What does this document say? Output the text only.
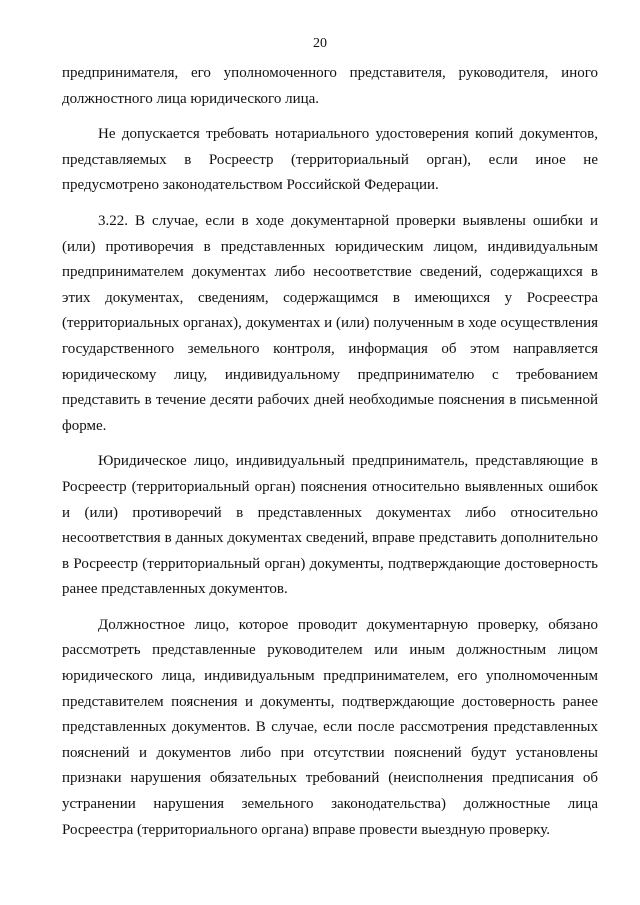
20

предпринимателя, его уполномоченного представителя, руководителя, иного должностного лица юридического лица.

Не допускается требовать нотариального удостоверения копий документов, представляемых в Росреестр (территориальный орган), если иное не предусмотрено законодательством Российской Федерации.

3.22. В случае, если в ходе документарной проверки выявлены ошибки и (или) противоречия в представленных юридическим лицом, индивидуальным предпринимателем документах либо несоответствие сведений, содержащихся в этих документах, сведениям, содержащимся в имеющихся у Росреестра (территориальных органах), документах и (или) полученным в ходе осуществления государственного земельного контроля, информация об этом направляется юридическому лицу, индивидуальному предпринимателю с требованием представить в течение десяти рабочих дней необходимые пояснения в письменной форме.

Юридическое лицо, индивидуальный предприниматель, представляющие в Росреестр (территориальный орган) пояснения относительно выявленных ошибок и (или) противоречий в представленных документах либо относительно несоответствия в данных документах сведений, вправе представить дополнительно в Росреестр (территориальный орган) документы, подтверждающие достоверность ранее представленных документов.

Должностное лицо, которое проводит документарную проверку, обязано рассмотреть представленные руководителем или иным должностным лицом юридического лица, индивидуальным предпринимателем, его уполномоченным представителем пояснения и документы, подтверждающие достоверность ранее представленных документов. В случае, если после рассмотрения представленных пояснений и документов либо при отсутствии пояснений будут установлены признаки нарушения обязательных требований (неисполнения предписания об устранении нарушения земельного законодательства) должностные лица Росреестра (территориального органа) вправе провести выездную проверку.
